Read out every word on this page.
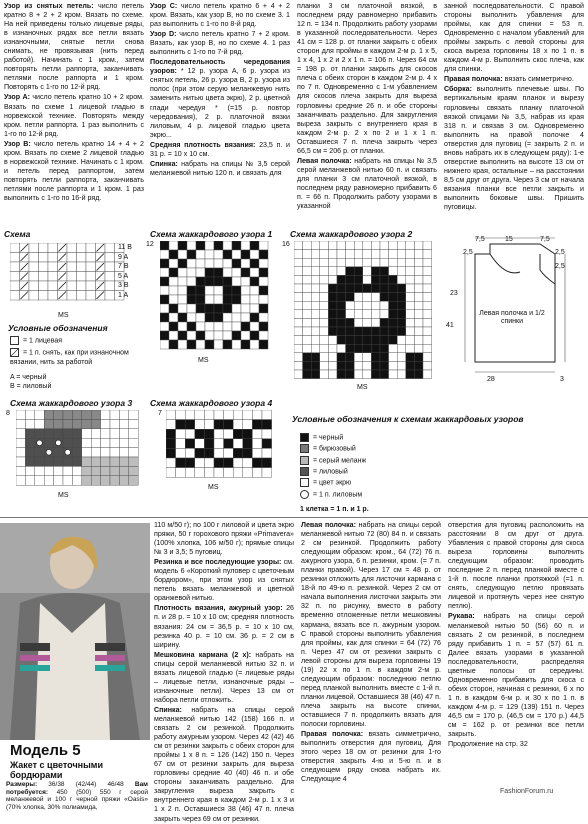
Узор из снятых петель: число петель кратно 8 + 2 + 2 кром. Вязать по схеме. На ней приведены только лицевые ряды, в изнаночных рядах все петли вязать изнаночными, снятые петли снова снимать, не провязывая (нить перед работой). Начинать с 1 кром., затем повторять петли раппорта, заканчивать петлями после раппорта и 1 кром. Повторять с 1-го по 12-й ряд.

Узор A: число петель кратно 10 + 2 кром. Вязать по схеме 1 лицевой гладью в норвежской технике. Повторять между кром. петли раппорта. 1 раз выполнить с 1-го по 12-й ряд.

Узор B: число петель кратно 14 + 4 + 2 кром. Вязать по схеме 2 лицевой гладью в норвежской технике. Начинать с 1 кром. и петель перед раппортом, затем повторять петли раппорта, заканчивать петлями после раппорта и 1 кром. 1 раз выполнить с 1-го по 16-й ряд.

Узор C: число петель кратно 6 + 4 + 2 кром. Вязать, как узор B, но по схеме 3. 1 раз выполнить с 1-го по 8-й ряд.

Узор D: число петель кратно 7 + 2 кром. Вязать, как узор B, но по схеме 4. 1 раз выполнить с 1-го по 7-й ряд.

Последовательность чередования узоров: * 12 р. узора A, 6 р. узора из снятых петель, 26 р. узора B, 2 р. узора из полос (при этом серую меланжевую нить заменить нитью цвета экрю), 2 р. цветной глади чередуя * (=15 р. повтор чередования), 2 р. платочной вязки лиловым, 4 р. лицевой гладью цвета экрю...

Средняя плотность вязания: 23,5 п. и 31 р. = 10 х 10 см.

Спинка: набрать на спицы № 3,5 серой меланжевой нитью 120 п. и связать для

планки 3 см платочной вязкой, в последнем ряду равномерно прибавить 12 п. = 134 п. Продолжить работу узорами в указанной последовательности. Через 41 см = 128 р. от планки закрыть с обеих сторон для проймы в каждом 2-м р. 1 х 5, 1 х 4, 1 х 2 и 2 х 1 п. = 106 п. Через 64 см = 198 р. от планки закрыть для скосов плеча с обеих сторон в каждом 2-м р. 4 х по 7 п. Одновременно с 1-м убавлением для скосов плеча закрыть для выреза горловины средние 26 п. и обе стороны заканчивать раздельно. Для закругления выреза закрыть с внутреннего края в каждом 2-м р. 2 х по 2 и 1 х 1 п. Оставшиеся 7 п. плеча закрыть через 66,5 см = 206 р. от планки.

Левая полочка: набрать на спицы № 3,5 серой меланжевой нитью 60 п. и связать для планки 3 см платочной вязкой, в последнем ряду равномерно прибавить 6 п. = 66 п. Продолжить работу узорами в указанной

занной последовательности. С правой стороны выполнить убавления для проймы, как для спинки = 53 п. Одновременно с началом убавлений для проймы закрыть с левой стороны для скоса выреза горловины 18 х по 1 п. в каждом 4-м р. Выполнить скос плеча, как для спинки.

Правая полочка: вязать симметрично.

Сборка: выполнить плечевые швы. По вертикальным краям планок и вырезу горловины связать планку платочной вязкой спицами № 3,5, набрав из края 318 п. и связав 3 см. Одновременно выполнить на правой полочке 4 отверстия для пуговиц (= закрыть 2 п. и вновь набрать их в следующем ряду): 1-е отверстие выполнить на высоте 13 см от нижнего края, остальные – на расстоянии 8,5 см друг от друга. Через 3 см от начала вязания планки все петли закрыть и выполнить боковые швы. Пришить пуговицы.

Схема
11 B
9 A
7 B
5 A
3 B
1 A
MS
Условные обозначения
= 1 лицевая
= 1 п. снять, как при изнаночном вязании, нить за работой
A = черный
B = лиловый
Схема жаккардового узора 1
12
MS
Схема жаккардового узора 2
16
MS
2,5
7,5	15	7,5
2,5
2,5
23
41
28	3
Левая полочка и 1/2 спинки
Схема жаккардового узора 3
8
MS
Схема жаккардового узора 4
7
MS
Условные обозначения к схемам жаккардовых узоров
= черный
= бирюзовый
= серый меланж
= лиловый
= цвет экрю
= 1 п. лиловым
1 клетка = 1 п. и 1 р.
Модель 5
Жакет с цветочными бордюрами
Размеры: 36/38 (42/44) 46/48 Вам потребуется: 450 (500) 550 г серой меланжевой и 100 г черной пряжи «Oasis» (70% хлопка, 30% полиамида,

110 м/50 г); по 100 г лиловой и цвета экрю пряжи, 50 г горохового пряжи «Primavera» (100% хлопка, 106 м/50 г); прямые спицы № 3 и 3,5; 5 пуговиц.

Резинка и все последующие узоры: см. модель 6 «Короткий пуловер с цветочным бордюром», при этом узор из снятых петель вязать меланжевой и цветной оранжевой нитью.

Плотность вязания, ажурный узор: 26 п. и 28 р. = 10 х 10 см; средняя плотность вязания: 24 см = 36,5 р. = 10 х 10 см, резинка 40 р. = 10 см. 36 р. = 2 см в ширину.

Мешковина кармана (2 х): набрать на спицы серой меланжевой нитью 32 п. и вязать лицевой гладью (= лицевые ряды – лицевые петли, изнаночные ряды – изнаночные петли). Через 13 см от набора петли отложить.

Спинка: набрать на спицы серой меланжевой нитью 142 (158) 166 п. и связать 2 см резинкой. Продолжить работу ажурным узором. Через 42 (42) 46 см от резинки закрыть с обеих сторон для проймы 1 х 8 п. = 126 (142) 150 п. Через 67 см от резинки закрыть для выреза горловины средние 40 (40) 46 п. и обе стороны заканчивать раздельно. Для закругления выреза закрыть с внутреннего края в каждом 2-м р. 1 х 3 и 1 х 2 п. Оставшиеся 38 (46) 47 п. плеча закрыть через 69 см от резинки.

Левая полочка: набрать на спицы серой меланжевой нитью 72 (80) 84 п. и связать 2 см резинкой. Продолжить работу следующим образом: кром., 64 (72) 76 п. ажурного узора, 6 п. резинки, кром. (= 7 п. планки правой). Через 17 см = 48 р. от резинки отложить для листочки кармана с 18-й по 49-ю п. резинкой. Через 2 см от начала выполнения листочки закрыть эти 32 п. по рисунку, вместо в работу временно отложенные петли мешковины кармана, вязать все п. ажурным узором. С правой стороны выполнить убавления для проймы, как для спинки = 64 (72) 76 п. Через 47 см от резинки закрыть с левой стороны для выреза горловины 19 (19) 22 х по 1 п. в каждом 2-м р. следующим образом: последнюю петлю перед планкой выполнить вместе с 1-й п. планки лицевой. Оставшиеся 38 (46) 47 п. плеча закрыть на высоте спинки, оставшиеся 7 п. продолжить вязать для полоски горловины.

Правая полочка: вязать симметрично, выполнить отверстия для пуговиц. Для этого через 18 см от резинки для 1-го отверстия закрыть 4-ю и 5-ю п. и в следующем ряду снова набрать их. Следующие 4

отверстия для пуговиц расположить на расстоянии 8 см друг от друга. Убавления с правой стороны для скоса выреза горловины выполнить следующим образом: проводить последние 2 п. перед планкой вместе с 1-й п. после планки протяжкой (=1 п. снять, следующую петлю провязать лицевой и протянуть через нее снятую петлю).

Рукава: набрать на спицы серой меланжевой нитью 50 (56) 60 п. и связать 2 см резинкой, в последнем ряду прибавить 1 п. = 57 (57) 61 п. Далее вязать узорами в указанной последовательности, распределяя цветные полосы от середины. Одновременно прибавить для скоса с обеих сторон, начиная с резинки, 6 х по 1 п. в каждом 6-м р. и 30 х по 1 п. в каждом 4-м р. = 129 (139) 151 п. Через 46,5 см = 170 р. (46,5 см = 170 р.) 44,5 см = 162 р. от резинки все петли закрыть.

Продолжение на стр. 32

FashionForum.ru
